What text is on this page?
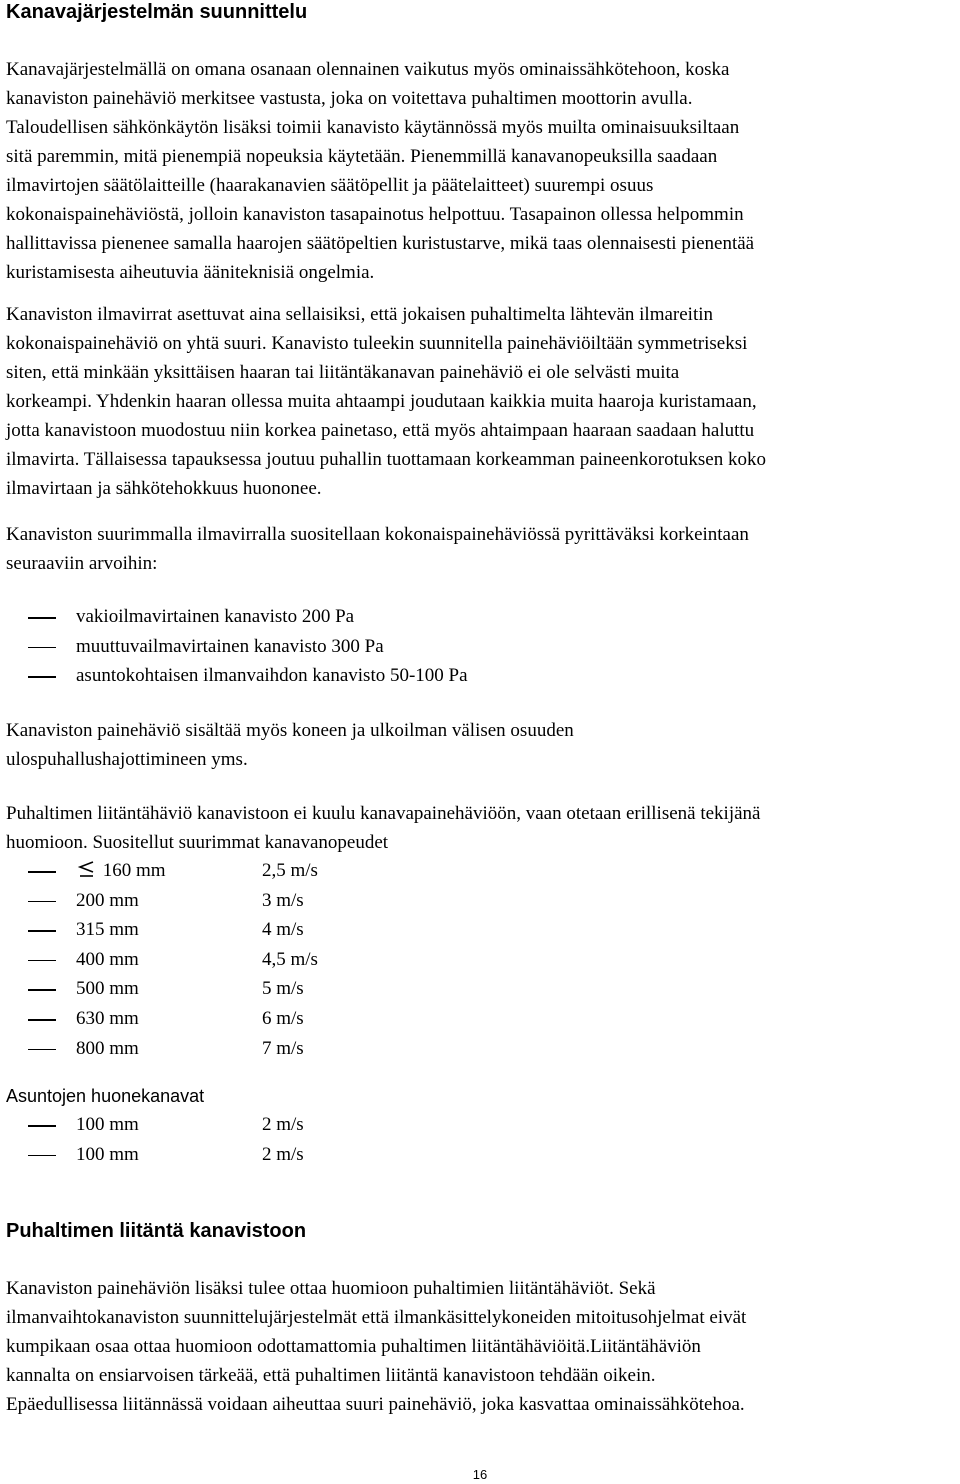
Kanavajärjestelmän suunnittelu
Kanavajärjestelmällä on omana osanaan olennainen vaikutus myös ominaissähkötehoon, koska
kanaviston painehäviö merkitsee vastusta, joka on voitettava puhaltimen moottorin avulla.
Taloudellisen sähkönkäytön lisäksi toimii kanavisto käytännössä myös muilta ominaisuuksiltaan
sitä paremmin, mitä pienempiä nopeuksia käytetään. Pienemmillä kanavanopeuksilla saadaan
ilmavirtojen säätölaitteille (haarakanavien säätöpellit ja päätelaitteet) suurempi osuus
kokonaispainehäviöstä, jolloin kanaviston tasapainotus helpottuu. Tasapainon ollessa helpommin
hallittavissa pienenee samalla haarojen säätöpeltien kuristustarve, mikä taas olennaisesti pienentää
kuristamisesta aiheutuvia ääniteknisiä ongelmia.
Kanaviston ilmavirrat asettuvat aina sellaisiksi, että jokaisen puhaltimelta lähtevän ilmareitin
kokonaispainehäviö on yhtä suuri. Kanavisto tuleekin suunnitella painehäviöiltään symmetriseksi
siten, että minkään yksittäisen haaran tai liitäntäkanavan painehäviö ei ole selvästi muita
korkeampi. Yhdenkin haaran ollessa muita ahtaampi joudutaan kaikkia muita haaroja kuristamaan,
jotta kanavistoon muodostuu niin korkea painetaso, että myös ahtaimpaan haaraan saadaan haluttu
ilmavirta. Tällaisessa tapauksessa joutuu puhallin tuottamaan korkeamman paineenkorotuksen koko
ilmavirtaan ja sähkötehokkuus huononee.
Kanaviston suurimmalla ilmavirralla suositellaan kokonaispainehäviössä pyrittäväksi korkeintaan
seuraaviin arvoihin:
vakioilmavirtainen kanavisto 200 Pa
muuttuvailmavirtainen kanavisto 300 Pa
asuntokohtaisen ilmanvaihdon kanavisto 50-100 Pa
Kanaviston painehäviö sisältää myös koneen ja ulkoilman välisen osuuden
ulospuhallushajottimineen yms.
Puhaltimen liitäntähäviö kanavistoon ei kuulu kanavapainehäviöön, vaan otetaan erillisenä tekijänä
huomioon. Suositellut suurimmat kanavanopeudet
160 mm	2,5 m/s
200 mm	3 m/s
315 mm	4 m/s
400 mm	4,5 m/s
500 mm	5 m/s
630 mm	6 m/s
800 mm	7 m/s
Asuntojen huonekanavat
100 mm	2 m/s
100 mm	2 m/s
Puhaltimen liitäntä kanavistoon
Kanaviston painehäviön lisäksi tulee ottaa huomioon puhaltimien liitäntähäviöt. Sekä
ilmanvaihtokanaviston suunnittelujärjestelmät että ilmankäsittelykoneiden mitoitusohjelmat eivät
kumpikaan osaa ottaa huomioon odottamattomia puhaltimen liitäntähäviöitä.Liitäntähäviön
kannalta on ensiarvoisen tärkeää, että puhaltimen liitäntä kanavistoon tehdään oikein.
Epäedullisessa liitännässä voidaan aiheuttaa suuri painehäviö, joka kasvattaa ominaissähkötehoa.
16
